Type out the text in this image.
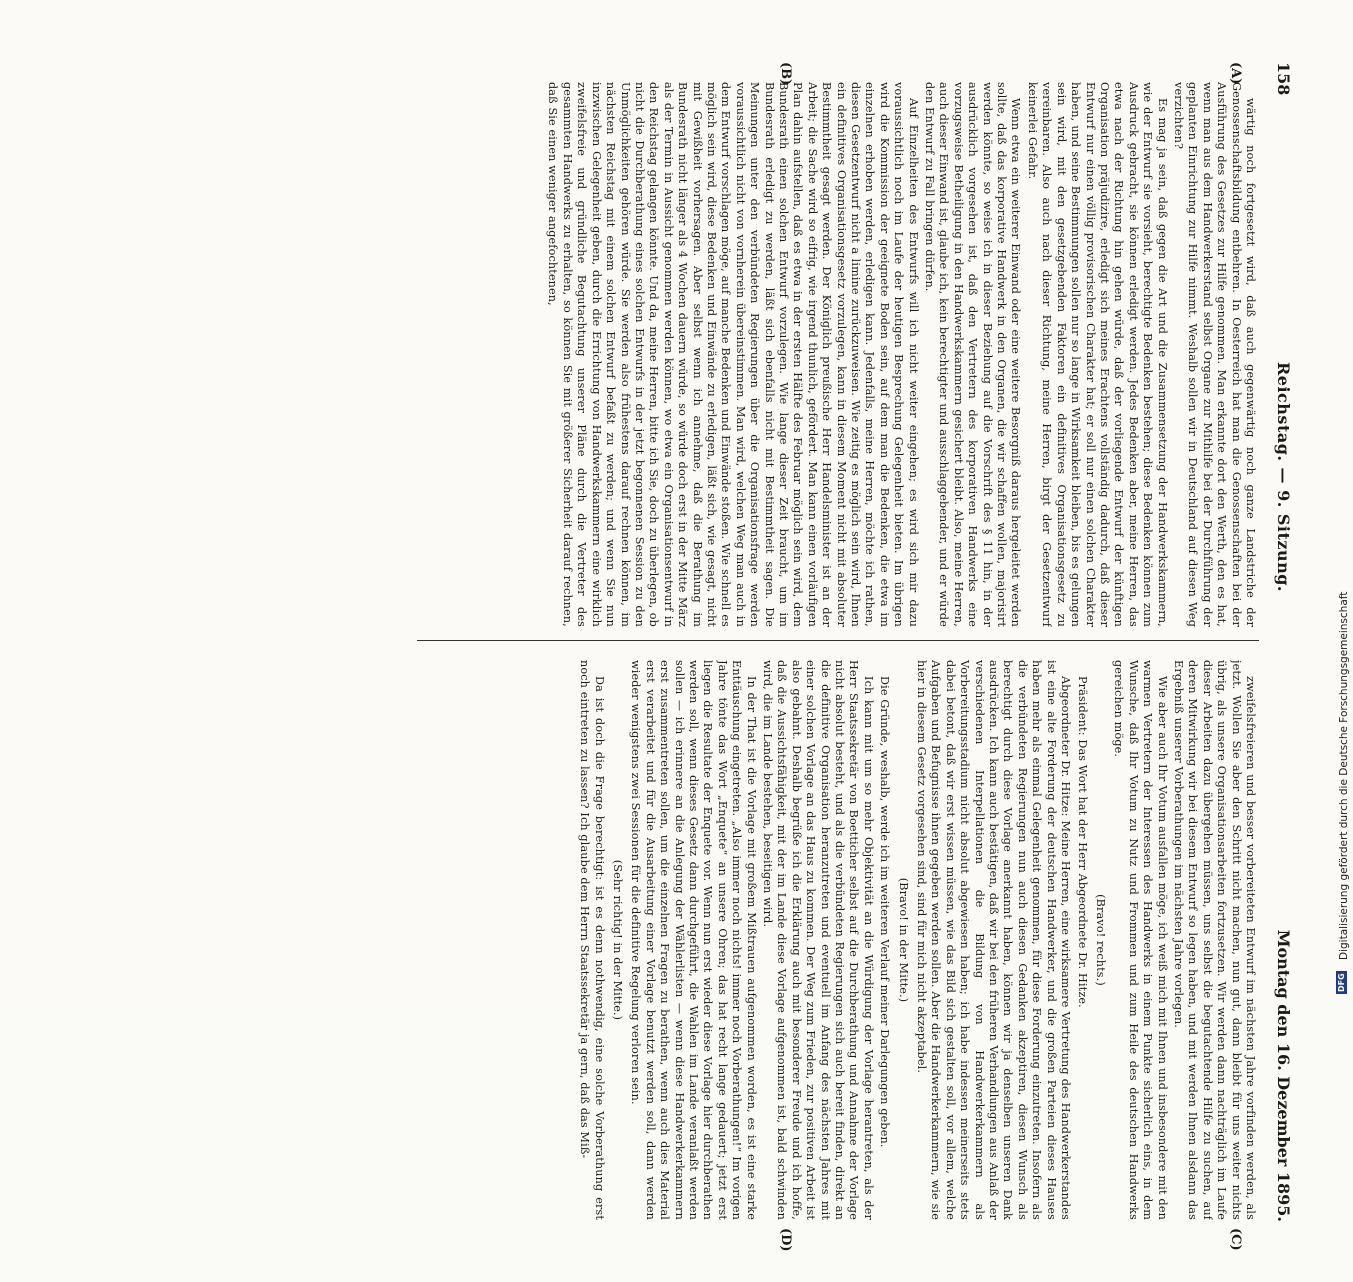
158
Reichstag. — 9. Sitzung.
Montag den 16. Dezember 1895.
(A)
(B)
(C)
(D)

wärtig noch fortgesetzt wird, daß auch gegenwärtig noch ganze Landstriche der Genossenschaftsbildung entbehren. In Oesterreich hat man die Genossenschaften bei der Ausführung des Gesetzes zur Hilfe genommen. Man erkannte dort den Werth, den es hat, wenn man aus dem Handwerkerstand selbst Organe zur Mithilfe bei der Durchführung der geplanten Einrichtung zur Hilfe nimmt. Weshalb sollen wir in Deutschland auf diesen Weg verzichten?

Es mag ja sein, daß gegen die Art und die Zusammensetzung der Handwerkskammern, wie der Entwurf sie vorsieht, berechtigte Bedenken bestehen; diese Bedenken können zum Ausdruck gebracht, sie können erledigt werden. Jedes Bedenken aber, meine Herren, das etwa nach der Richtung hin gehen würde, daß der vorliegende Entwurf der künftigen Organisation präjudizire, erledigt sich meines Erachtens vollständig dadurch, daß dieser Entwurf nur einen völlig provisorischen Charakter hat; er soll nur einen solchen Charakter haben, und seine Bestimmungen sollen nur so lange in Wirksamkeit bleiben, bis es gelungen sein wird, mit den gesetzgebenden Faktoren ein definitives Organisationsgesetz zu vereinbaren. Also auch nach dieser Richtung, meine Herren, birgt der Gesetzentwurf keinerlei Gefahr.

Wenn etwa ein weiterer Einwand oder eine weitere Besorgniß daraus hergeleitet werden sollte, daß das korporative Handwerk in den Organen, die wir schaffen wollen, majorisirt werden könnte, so weise ich in dieser Beziehung auf die Vorschrift des § 11 hin, in der ausdrücklich vorgesehen ist, daß den Vertretern des korporativen Handwerks eine vorzugsweise Betheiligung in den Handwerkskammern gesichert bleibt. Also, meine Herren, auch dieser Einwand ist, glaube ich, kein berechtigter und ausschlaggebender, und er würde den Entwurf zu Fall bringen dürfen.

Auf Einzelheiten des Entwurfs will ich nicht weiter eingehen; es wird sich mir dazu voraussichtlich noch im Laufe der heutigen Besprechung Gelegenheit bieten. Im übrigen wird die Kommission der geeignete Boden sein, auf dem man die Bedenken, die etwa im einzelnen erhoben werden, erledigen kann. Jedenfalls, meine Herren, möchte ich rathen, diesen Gesetzentwurf nicht a limine zurückzuweisen. Wie zeitig es möglich sein wird, Ihnen ein definitives Organisationsgesetz vorzulegen, kann in diesem Moment nicht mit absoluter Bestimmtheit gesagt werden. Der Königlich preußische Herr Handelsminister ist an der Arbeit; die Sache wird so eifrig, wie irgend thunlich, gefördert. Man kann einen vorläufigen Plan dahin aufstellen, daß es etwa in der ersten Hälfte des Februar möglich sein wird, dem Bundesrath einen solchen Entwurf vorzulegen. Wie lange dieser Zeit braucht, um im Bundesrath erledigt zu werden, läßt sich ebenfalls nicht mit Bestimmtheit sagen. Die Meinungen unter den verbündeten Regierungen über die Organisationsfrage werden voraussichtlich nicht von vornherein übereinstimmen. Man wird, welchen Weg man auch in dem Entwurf vorschlagen möge, auf manche Bedenken und Einwände stoßen. Wie schnell es möglich sein wird, diese Bedenken und Einwände zu erledigen, läßt sich, wie gesagt, nicht mit Gewißheit vorhersagen. Aber selbst wenn ich annehme, daß die Berathung im Bundesrath nicht länger als 4 Wochen dauern würde, so würde doch erst in der Mitte März als der Termin in Aussicht genommen werden können, wo etwa ein Organisationsentwurf in den Reichstag gelangen könnte. Und da, meine Herren, bitte ich Sie, doch zu überlegen, ob nicht die Durchberathung eines solchen Entwurfs in der jetzt begonnenen Session zu den Unmöglichkeiten gehören würde. Sie werden also frühestens darauf rechnen können, im nächsten Reichstag mit einem solchen Entwurf befaßt zu werden; und wenn Sie nun inzwischen Gelegenheit geben, durch die Errichtung von Handwerkskammern eine wirklich zweifelsfreie und gründliche Begutachtung unserer Pläne durch die Vertreter des gesammten Handwerks zu erhalten, so können Sie mit größerer Sicherheit darauf rechnen, daß Sie einen weniger angefochtenen,

zweifelsfreieren und besser vorbereiteten Entwurf im nächsten Jahre vorfinden werden, als jetzt. Wollen Sie aber den Schritt nicht machen, nun gut, dann bleibt für uns weiter nichts übrig, als unsere Organisationsarbeiten fortzusetzen. Wir werden dann nachträglich im Laufe dieser Arbeiten dazu übergehen müssen, uns selbst die begutachtende Hilfe zu suchen, auf deren Mitwirkung wir bei diesem Entwurf so legen haben, und mit werden Ihnen alsdann das Ergebniß unserer Vorberathungen im nächsten Jahre vorlegen.

Wie aber auch Ihr Votum ausfallen möge, ich weiß mich mit Ihnen und insbesondere mit den warmen Vertretern der Interessen des Handwerks in einem Punkte sicherlich eins, in dem Wunsche, daß Ihr Votum zu Nutz und Frommen und zum Heile des deutschen Handwerks gereichen möge.

(Bravo! rechts.)

Präsident: Das Wort hat der Herr Abgeordnete Dr. Hitze.

Abgeordneter Dr. Hitze: Meine Herren, eine wirksamere Vertretung des Handwerkerstandes ist eine alte Forderung der deutschen Handwerker, und die großen Parteien dieses Hauses haben mehr als einmal Gelegenheit genommen, für diese Forderung einzutreten. Insofern als die verbündeten Regierungen nun auch diesen Gedanken akzeptiren, diesen Wunsch als berechtigt durch diese Vorlage anerkannt haben, können wir ja denselben unseren Dank ausdrücken. Ich kann auch bestätigen, daß wir bei den früheren Verhandlungen aus Anlaß der verschiedenen Interpellationen die Bildung von Handwerkerkammern als Vorbereitungsstadium nicht absolut abgewiesen haben; ich habe indessen meinerseits stets dabei betont, daß wir erst wissen müssen, wie das Bild sich gestalten soll, vor allem, welche Aufgaben und Befugnisse ihnen gegeben werden sollen. Aber die Handwerkerkammern, wie sie hier in diesem Gesetz vorgesehen sind, sind für mich nicht akzeptabel.

(Bravo! in der Mitte.)

Die Gründe, weshalb, werde ich im weiteren Verlauf meiner Darlegungen geben.

Ich kann mit um so mehr Objektivität an die Würdigung der Vorlage herantreten, als der Herr Staatssekretär von Boetticher selbst auf die Durchberathung und Annahme der Vorlage nicht absolut besteht, und als die verbündeten Regierungen sich auch bereit finden, direkt an die definitive Organisation heranzutreten und eventuell im Anfang des nächsten Jahres mit einer solchen Vorlage an das Haus zu kommen. Der Weg zum Frieden, zur positiven Arbeit ist also gebahnt. Deshalb begrüße ich die Erklärung auch mit besonderer Freude und ich hoffe, daß die Aussichtsfähigkeit, mit der im Lande diese Vorlage aufgenommen ist, bald schwinden wird, die im Lande bestehen, beseitigen wird.

In der That ist die Vorlage mit großem Mißtrauen aufgenommen worden, es ist eine starke Enttäuschung eingetreten. „Also immer noch nichts! immer noch Vorberathungen!“ Im vorigen Jahre tönte das Wort „Enquete“ an unsere Ohren; das hat recht lange gedauert; jetzt erst liegen die Resultate der Enquete vor. Wenn nun erst wieder diese Vorlage hier durchberathen werden soll, wenn dieses Gesetz dann durchgeführt, die Wahlen im Lande veranlaßt werden sollen — ich erinnere an die Anlegung der Wählerlisten — wenn diese Handwerkerkammern erst zusammentreten sollen, um die einzelnen Fragen zu berathen, wenn auch dies Material erst verarbeitet und für die Ausarbeitung einer Vorlage benutzt werden soll, dann werden wieder wenigstens zwei Sessionen für die definitive Regelung verloren sein.

(Sehr richtig! in der Mitte.)

Da ist doch die Frage berechtigt: ist es denn nothwendig, eine solche Vorberathung erst noch eintreten zu lassen? Ich glaube dem Herrn Staatssekretär ja gern, daß das Miß-	Digitalisierung gefördert durch die Deutsche Forschungsgemeinschaft
DFG
